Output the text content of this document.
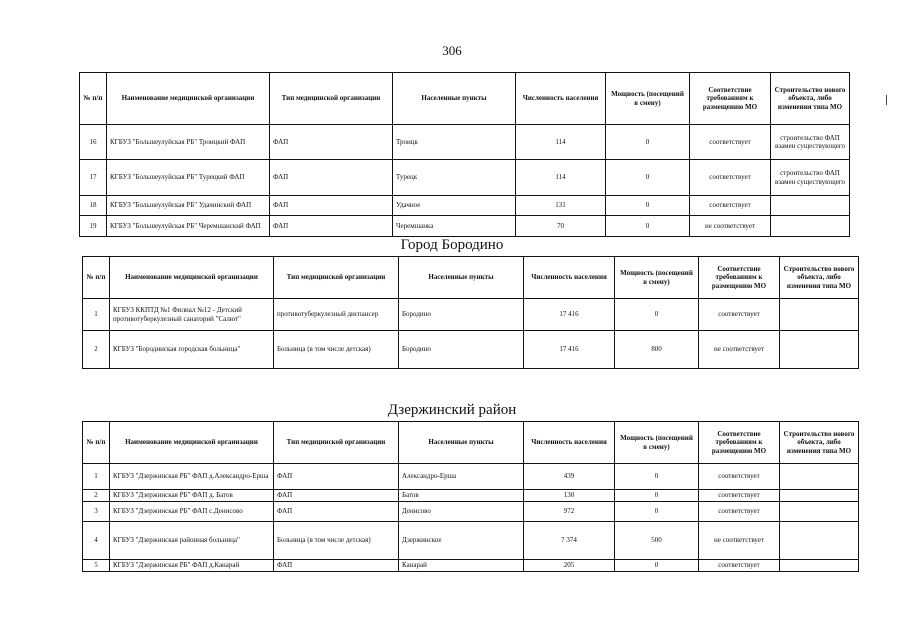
306
№ п/п	Наименование медицинской организации	Тип медицинской организации	Населенные пункты	Численность населения	Мощность (посещений в смену)	Соответствие требованиям к размещению МО	Строительство нового объекта, либо изменения типа МО
16	КГБУЗ "Большеулуйская РБ" Троицкий ФАП	ФАП	Троицк	114	0	соответствует	строительство ФАП взамен существующего
17	КГБУЗ "Большеулуйская РБ" Турецкий ФАП	ФАП	Турецк	114	0	соответствует	строительство ФАП взамен существующего
18	КГБУЗ "Большеулуйская РБ" Удачинский ФАП	ФАП	Удачное	131	0	соответствует	
19	КГБУЗ "Большеулуйская РБ" Черемшанский ФАП	ФАП	Черемшанка	70	0	не соответствует	
Город Бородино
№ п/п	Наименование медицинской организации	Тип медицинской организации	Населенные пункты	Численность населения	Мощность (посещений в смену)	Соответствие требованиям к размещению МО	Строительство нового объекта, либо изменения типа МО
1	КГБУЗ ККПТД №1 Филиал №12 - Детский противотуберкулезный санаторий "Салют"	противотуберкулезный диспансер	Бородино	17 416	0	соответствует	
2	КГБУЗ "Бородинская городская больница"	Больница (в том числе детская)	Бородино	17 416	800	не соответствует	
Дзержинский район
№ п/п	Наименование медицинской организации	Тип медицинской организации	Населенные пункты	Численность населения	Мощность (посещений в смену)	Соответствие требованиям к размещению МО	Строительство нового объекта, либо изменения типа МО
1	КГБУЗ "Дзержинская РБ" ФАП д.Александро-Ерша	ФАП	Александро-Ерша	439	0	соответствует	
2	КГБУЗ "Дзержинская РБ" ФАП д. Батов	ФАП	Батов	130	0	соответствует	
3	КГБУЗ "Дзержинская РБ" ФАП с.Денисово	ФАП	Денисово	972	0	соответствует	
4	КГБУЗ "Дзержинская районная больница"	Больница (в том числе детская)	Дзержинское	7 374	500	не соответствует	
5	КГБУЗ "Дзержинская РБ" ФАП д.Канарай	ФАП	Канарай	205	0	соответствует	
